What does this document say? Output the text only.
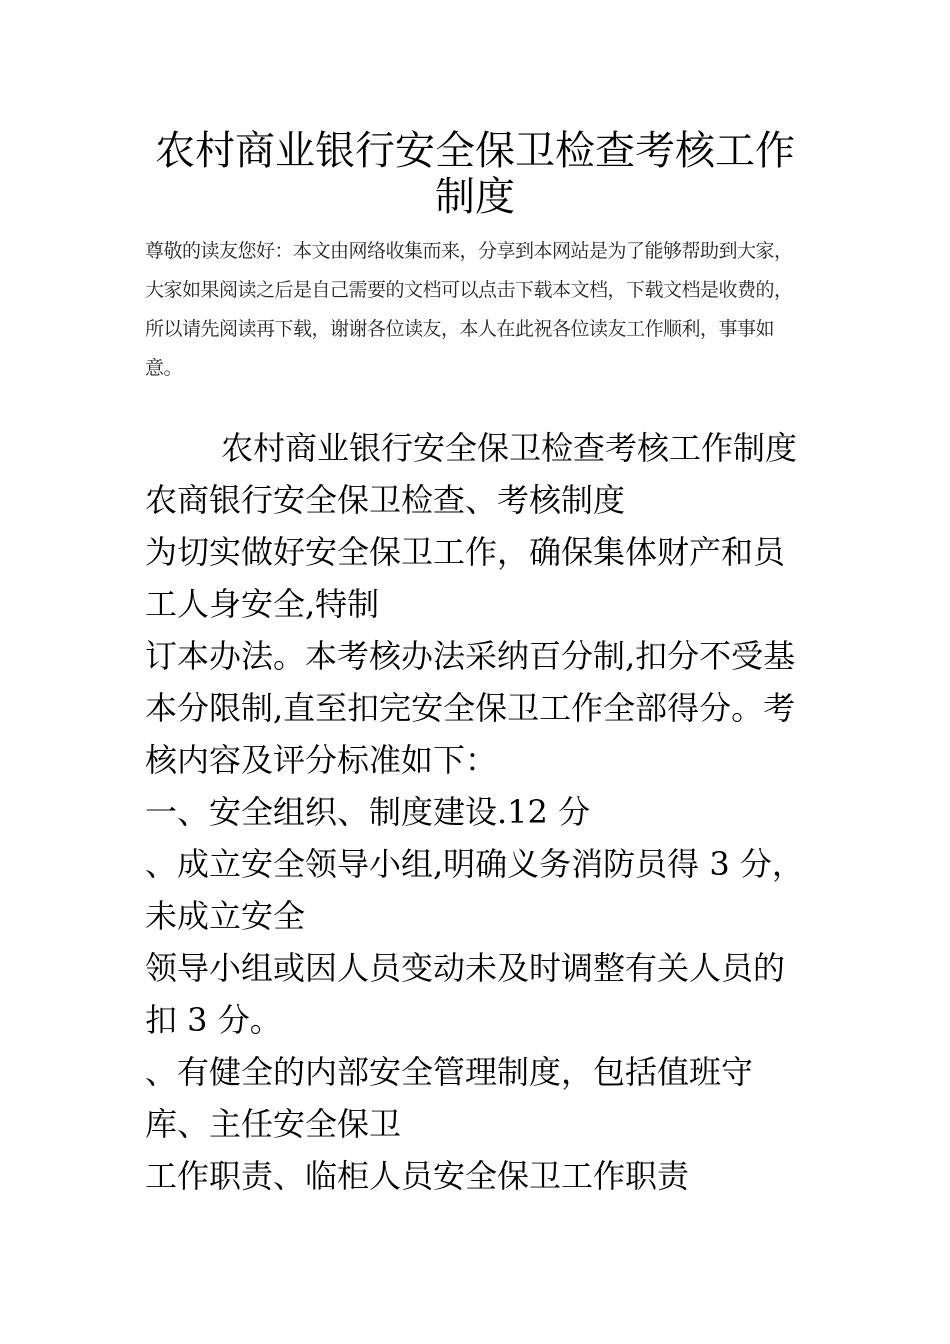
农村商业银行安全保卫检查考核工作制度

尊敬的读友您好：本文由网络收集而来，分享到本网站是为了能够帮助到大家，大家如果阅读之后是自己需要的文档可以点击下载本文档，下载文档是收费的，所以请先阅读再下载，谢谢各位读友，本人在此祝各位读友工作顺利，事事如意。

农村商业银行安全保卫检查考核工作制度

农商银行安全保卫检查、考核制度

为切实做好安全保卫工作，确保集体财产和员工人身安全,特制

订本办法。本考核办法采纳百分制,扣分不受基本分限制,直至扣完安全保卫工作全部得分。考核内容及评分标准如下：

一、安全组织、制度建设.12 分

、成立安全领导小组,明确义务消防员得 3 分，未成立安全

领导小组或因人员变动未及时调整有关人员的扣 3 分。

、有健全的内部安全管理制度，包括值班守库、主任安全保卫

工作职责、临柜人员安全保卫工作职责
